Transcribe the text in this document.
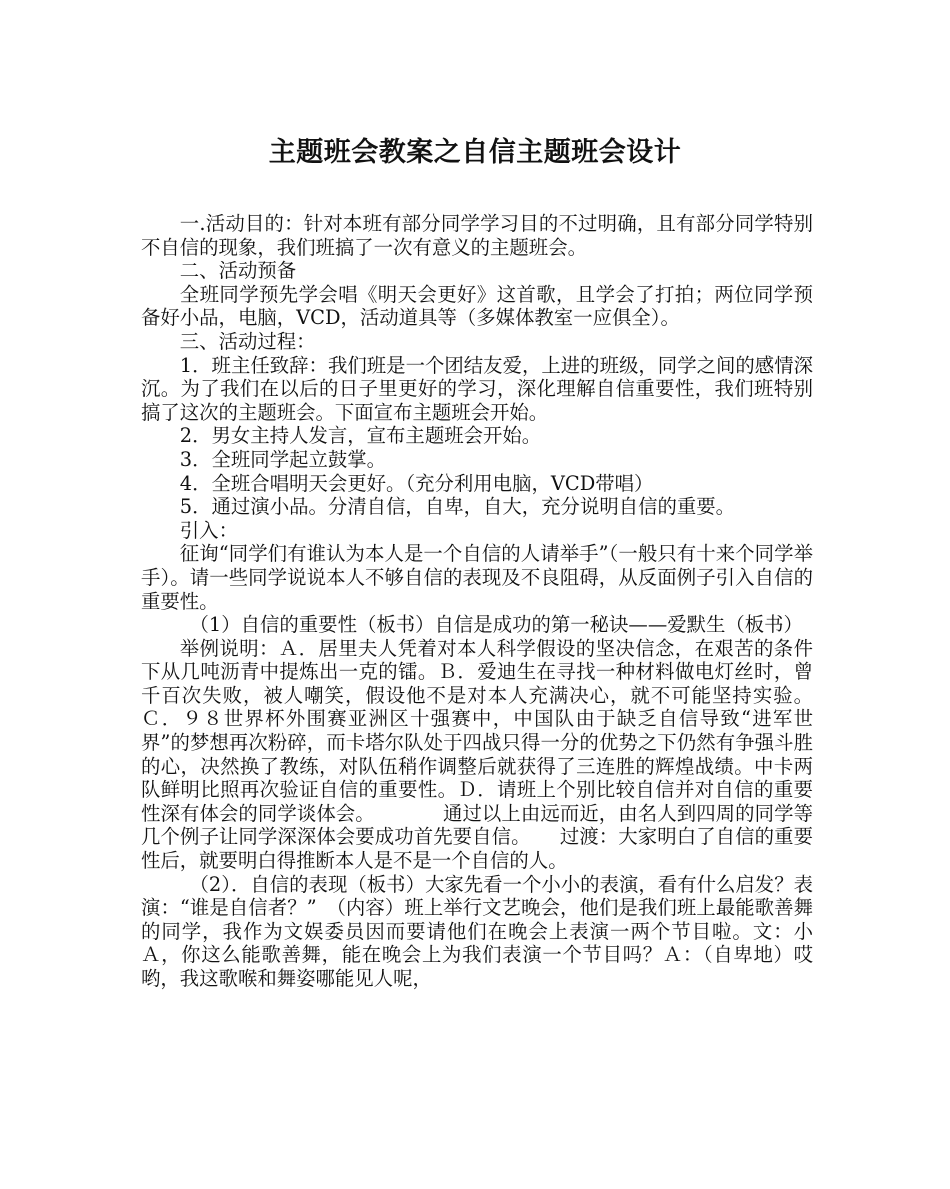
主题班会教案之自信主题班会设计

一.活动目的：针对本班有部分同学学习目的不过明确，且有部分同学特别不自信的现象，我们班搞了一次有意义的主题班会。

二、活动预备

全班同学预先学会唱《明天会更好》这首歌，且学会了打拍；两位同学预备好小品，电脑，VCD，活动道具等（多媒体教室一应俱全）。

三、活动过程：

1．班主任致辞：我们班是一个团结友爱，上进的班级，同学之间的感情深沉。为了我们在以后的日子里更好的学习，深化理解自信重要性，我们班特别搞了这次的主题班会。下面宣布主题班会开始。

2．男女主持人发言，宣布主题班会开始。

3．全班同学起立鼓掌。

4．全班合唱明天会更好。（充分利用电脑，VCD带唱）

5．通过演小品。分清自信，自卑，自大，充分说明自信的重要。

引入：

征询“同学们有谁认为本人是一个自信的人请举手”（一般只有十来个同学举手）。请一些同学说说本人不够自信的表现及不良阻碍，从反面例子引入自信的重要性。

（1）自信的重要性（板书）自信是成功的第一秘诀——爱默生（板书）

举例说明：Ａ．居里夫人凭着对本人科学假设的坚决信念，在艰苦的条件下从几吨沥青中提炼出一克的镭。Ｂ．爱迪生在寻找一种材料做电灯丝时，曾千百次失败，被人嘲笑，假设他不是对本人充满决心，就不可能坚持实验。Ｃ．９８世界杯外围赛亚洲区十强赛中，中国队由于缺乏自信导致“进军世界”的梦想再次粉碎，而卡塔尔队处于四战只得一分的优势之下仍然有争强斗胜的心，决然换了教练，对队伍稍作调整后就获得了三连胜的辉煌战绩。中卡两队鲜明比照再次验证自信的重要性。Ｄ．请班上个别比较自信并对自信的重要性深有体会的同学谈体会。　　　　通过以上由远而近，由名人到四周的同学等几个例子让同学深深体会要成功首先要自信。　　过渡：大家明白了自信的重要性后，就要明白得推断本人是不是一个自信的人。

（2）．自信的表现（板书）大家先看一个小小的表演，看有什么启发？表演：“谁是自信者？”　（内容）班上举行文艺晚会，他们是我们班上最能歌善舞的同学，我作为文娱委员因而要请他们在晚会上表演一两个节目啦。文：小Ａ，你这么能歌善舞，能在晚会上为我们表演一个节目吗？Ａ：（自卑地）哎哟，我这歌喉和舞姿哪能见人呢，
